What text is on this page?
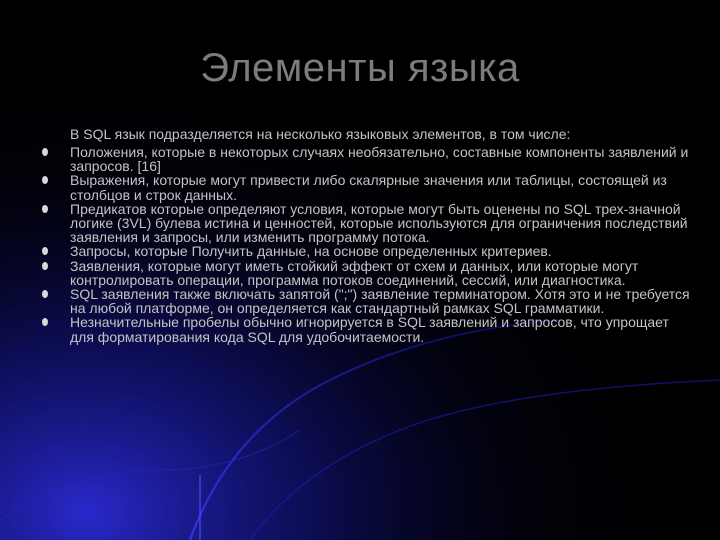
Элементы языка
В SQL язык подразделяется на несколько языковых элементов, в том числе:
Положения, которые в некоторых случаях необязательно, составные компоненты заявлений и запросов. [16]
Выражения, которые могут привести либо скалярные значения или таблицы, состоящей из столбцов и строк данных.
Предикатов которые определяют условия, которые могут быть оценены по SQL трех-значной логике (3VL) булева истина и ценностей, которые используются для ограничения последствий заявления и запросы, или изменить программу потока.
Запросы, которые Получить данные, на основе определенных критериев.
Заявления, которые могут иметь стойкий эффект от схем и данных, или которые могут контролировать операции, программа потоков соединений, сессий, или диагностика.
SQL заявления также включать запятой (";") заявление терминатором. Хотя это и не требуется на любой платформе, он определяется как стандартный рамках SQL грамматики.
Незначительные пробелы обычно игнорируется в SQL заявлений и запросов, что упрощает для форматирования кода SQL для удобочитаемости.
